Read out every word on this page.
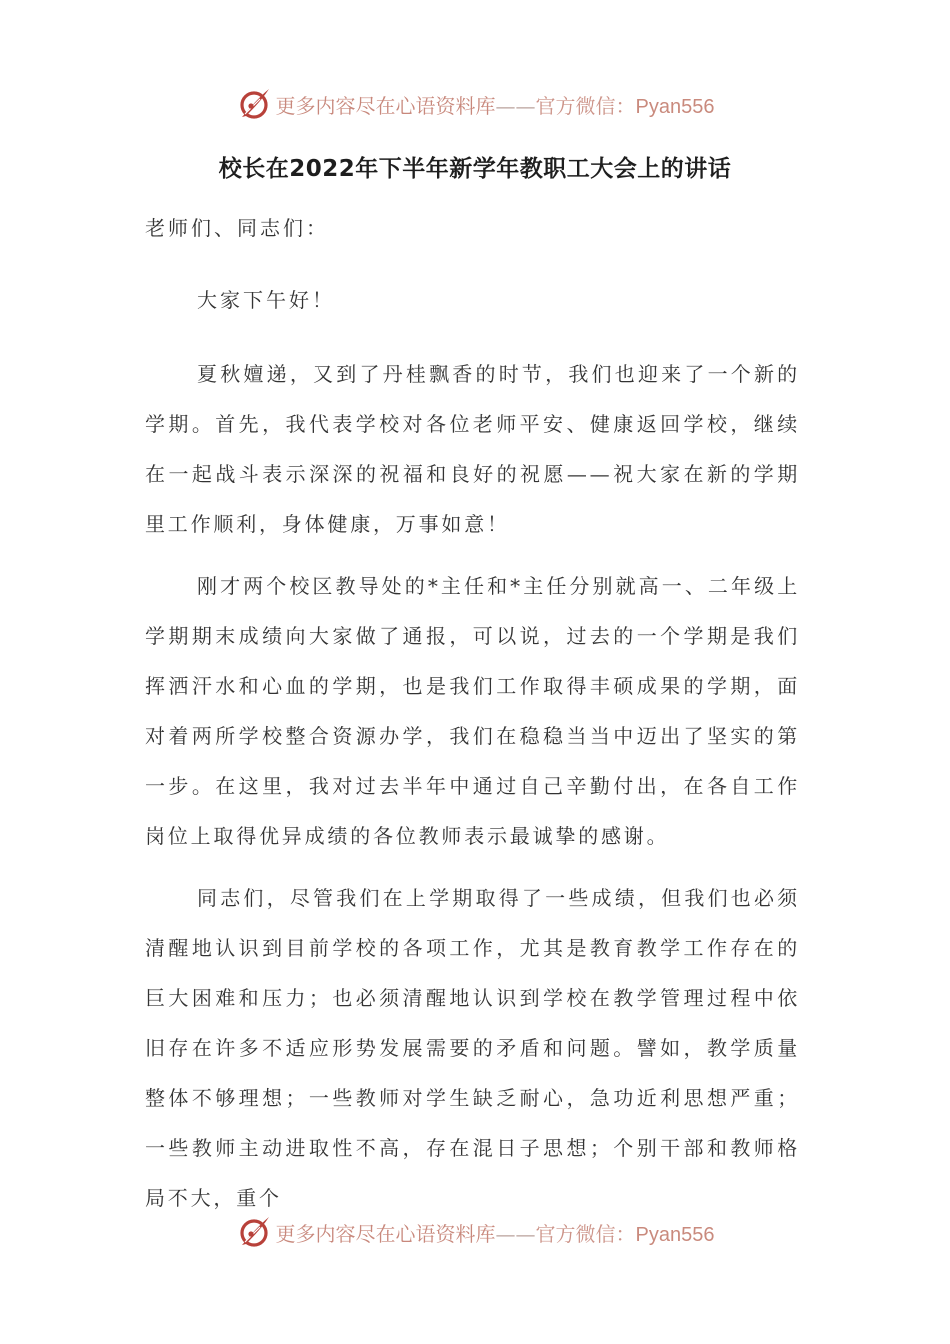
更多内容尽在心语资料库——官方微信：Pyan556
校长在2022年下半年新学年教职工大会上的讲话
老师们、同志们：
大家下午好！

夏秋嬗递，又到了丹桂飘香的时节，我们也迎来了一个新的学期。首先，我代表学校对各位老师平安、健康返回学校，继续在一起战斗表示深深的祝福和良好的祝愿——祝大家在新的学期里工作顺利，身体健康，万事如意！

刚才两个校区教导处的*主任和*主任分别就高一、二年级上学期期末成绩向大家做了通报，可以说，过去的一个学期是我们挥洒汗水和心血的学期，也是我们工作取得丰硕成果的学期，面对着两所学校整合资源办学，我们在稳稳当当中迈出了坚实的第一步。在这里，我对过去半年中通过自己辛勤付出，在各自工作岗位上取得优异成绩的各位教师表示最诚挚的感谢。

同志们，尽管我们在上学期取得了一些成绩，但我们也必须清醒地认识到目前学校的各项工作，尤其是教育教学工作存在的巨大困难和压力；也必须清醒地认识到学校在教学管理过程中依旧存在许多不适应形势发展需要的矛盾和问题。譬如，教学质量整体不够理想；一些教师对学生缺乏耐心，急功近利思想严重；一些教师主动进取性不高，存在混日子思想；个别干部和教师格局不大，重个

更多内容尽在心语资料库——官方微信：Pyan556
